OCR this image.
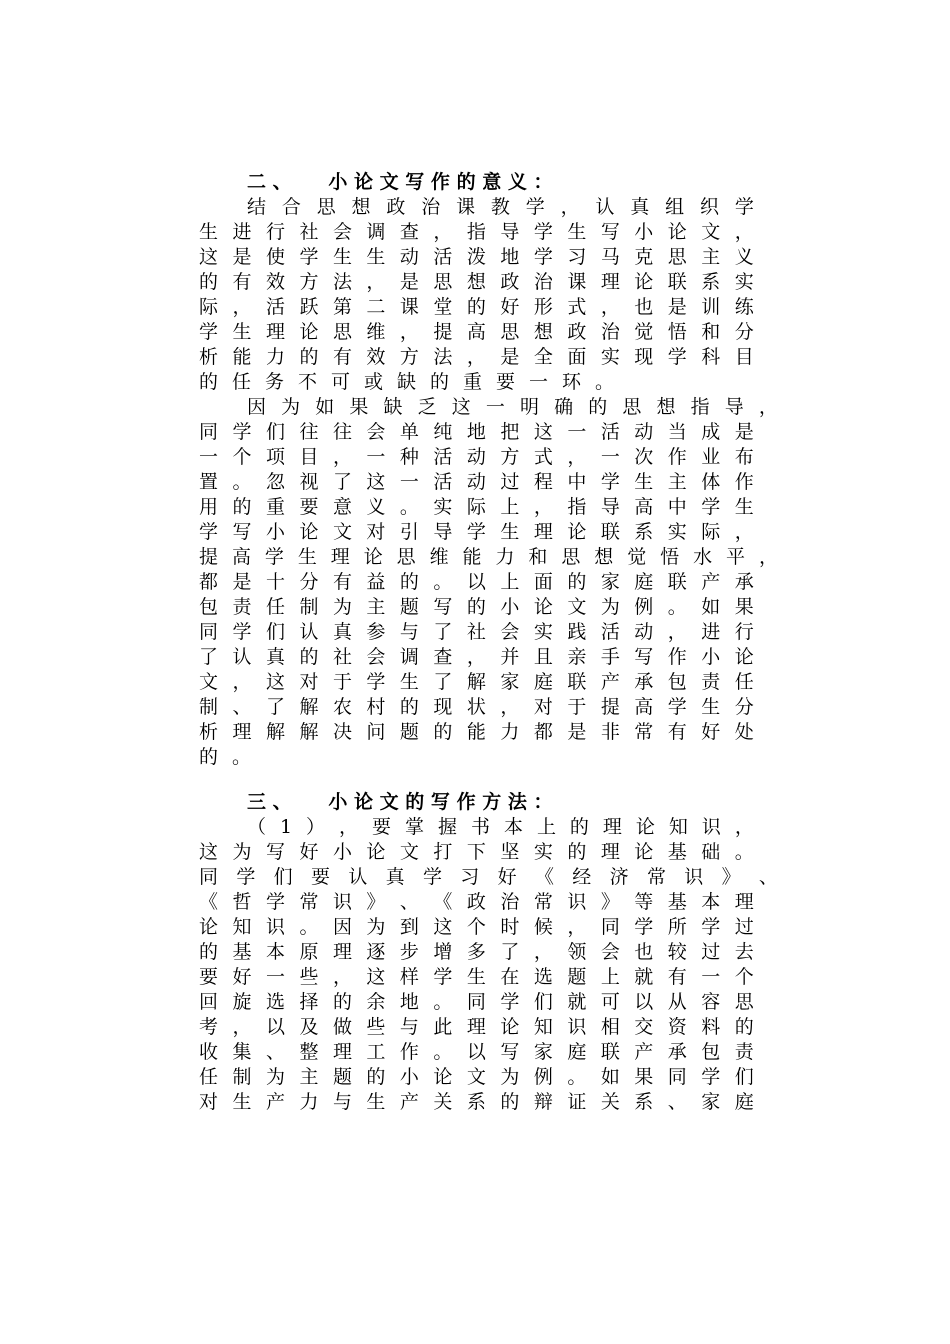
二、 小论文写作的意义：
结 合 思 想 政 治 课 教 学 ， 认 真 组 织 学
生 进 行 社 会 调 查 ， 指 导 学 生 写 小 论 文 ，
这 是 使 学 生 生 动 活 泼 地 学 习 马 克 思 主 义
的 有 效 方 法 ， 是 思 想 政 治 课 理 论 联 系 实
际 ， 活 跃 第 二 课 堂 的 好 形 式 ， 也 是 训 练
学 生 理 论 思 维 ， 提 高 思 想 政 治 觉 悟 和 分
析 能 力 的 有 效 方 法 ， 是 全 面 实 现 学 科 目
的任务不可或缺的重要一环。
因 为 如 果 缺 乏 这 一 明 确 的 思 想 指 导 ，
同 学 们 往 往 会 单 纯 地 把 这 一 活 动 当 成 是
一 个 项 目 ， 一 种 活 动 方 式 ， 一 次 作 业 布
置 。 忽 视 了 这 一 活 动 过 程 中 学 生 主 体 作
用 的 重 要 意 义 。 实 际 上 ， 指 导 高 中 学 生
学 写 小 论 文 对 引 导 学 生 理 论 联 系 实 际 ，
提 高 学 生 理 论 思 维 能 力 和 思 想 觉 悟 水 平 ，
都 是 十 分 有 益 的 。 以 上 面 的 家 庭 联 产 承
包 责 任 制 为 主 题 写 的 小 论 文 为 例 。 如 果
同 学 们 认 真 参 与 了 社 会 实 践 活 动 ， 进 行
了 认 真 的 社 会 调 查 ， 并 且 亲 手 写 作 小 论
文 ， 这 对 于 学 生 了 解 家 庭 联 产 承 包 责 任
制 、 了 解 农 村 的 现 状 ， 对 于 提 高 学 生 分
析 理 解 解 决 问 题 的 能 力 都 是 非 常 有 好 处
的。
三、 小论文的写作方法：
（ 1 ） ， 要 掌 握 书 本 上 的 理 论 知 识 ，
这 为 写 好 小 论 文 打 下 坚 实 的 理 论 基 础 。
同 学 们 要 认 真 学 习 好 《 经 济 常 识 》 、
《 哲 学 常 识 》 、 《 政 治 常 识 》 等 基 本 理
论 知 识 。 因 为 到 这 个 时 候 ， 同 学 所 学 过
的 基 本 原 理 逐 步 增 多 了 ， 领 会 也 较 过 去
要 好 一 些 ， 这 样 学 生 在 选 题 上 就 有 一 个
回 旋 选 择 的 余 地 。 同 学 们 就 可 以 从 容 思
考 ， 以 及 做 些 与 此 理 论 知 识 相 交 资 料 的
收 集 、 整 理 工 作 。 以 写 家 庭 联 产 承 包 责
任 制 为 主 题 的 小 论 文 为 例 。 如 果 同 学 们
对 生 产 力 与 生 产 关 系 的 辩 证 关 系 、 家 庭
